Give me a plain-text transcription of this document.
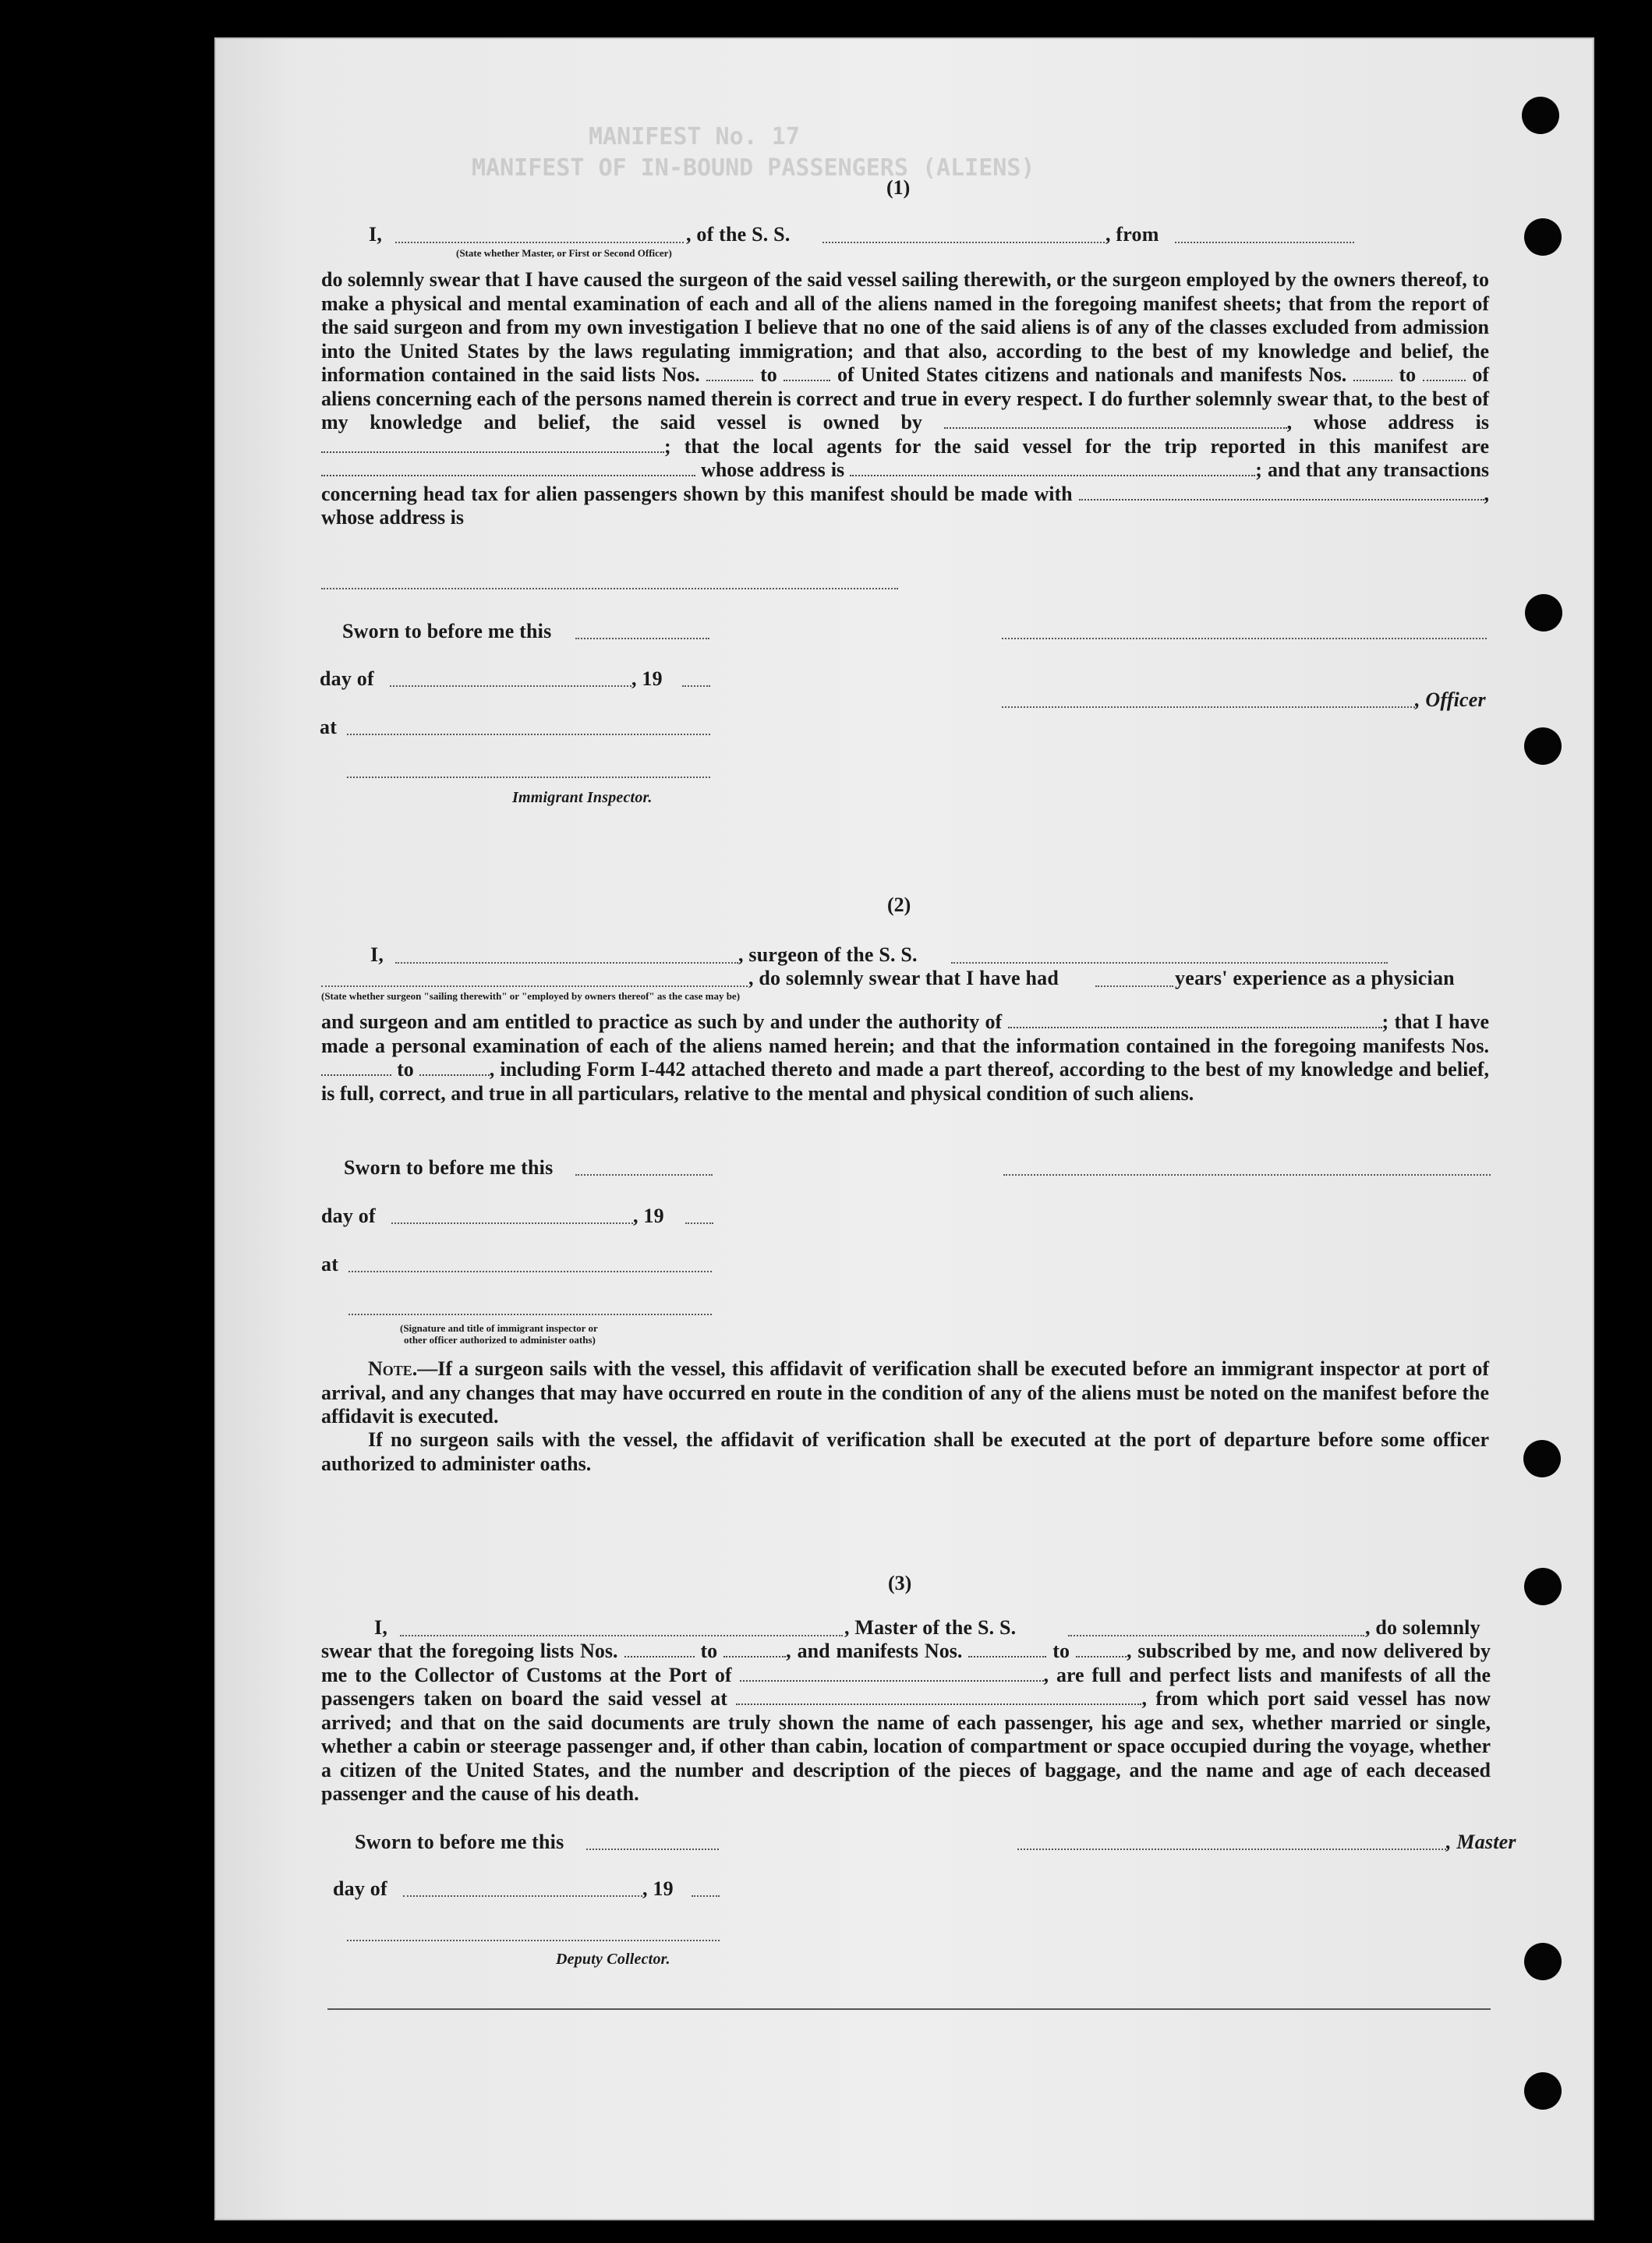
MANIFEST No. 17
MANIFEST OF IN-BOUND PASSENGERS (ALIENS)
(1)
I,
(State whether Master, or First or Second Officer)
, of the S. S.	, from

do solemnly swear that I have caused the surgeon of the said vessel sailing therewith, or the surgeon employed by the owners thereof, to make a physical and mental examination of each and all of the aliens named in the foregoing manifest sheets; that from the report of the said surgeon and from my own investigation I believe that no one of the said aliens is of any of the classes excluded from admission into the United States by the laws regulating immigration; and that also, according to the best of my knowledge and belief, the information contained in the said lists Nos.	to	of United States citizens and nationals and manifests Nos.	to	of aliens concerning each of the persons named therein is correct and true in every respect. I do further solemnly swear that, to the best of my knowledge and belief, the said vessel is owned by	, whose address is ; that the local agents for the said vessel for the trip reported in this manifest are  whose address is	; and that any transactions concerning head tax for alien passengers shown by this manifest should be made with	, whose address is

Sworn to before me this
day of	, 19
, Officer
at
Immigrant Inspector.
(2)
I,	, surgeon of the S. S.
, do solemnly swear that I have had	years' experience as a physician
(State whether surgeon "sailing therewith" or "employed by owners thereof" as the case may be)

and surgeon and am entitled to practice as such by and under the authority of	; that I have made a personal examination of each of the aliens named herein; and that the information contained in the foregoing manifests Nos.  to	, including Form I-442 attached thereto and made a part thereof, according to the best of my knowledge and belief, is full, correct, and true in all particulars, relative to the mental and physical condition of such aliens.

Sworn to before me this
day of	, 19
at
(Signature and title of immigrant inspector or
other officer authorized to administer oaths)

Note.—If a surgeon sails with the vessel, this affidavit of verification shall be executed before an immigrant inspector at port of arrival, and any changes that may have occurred en route in the condition of any of the aliens must be noted on the manifest before the affidavit is executed.

If no surgeon sails with the vessel, the affidavit of verification shall be executed at the port of departure before some officer authorized to administer oaths.

(3)
I,	, Master of the S. S.	, do solemnly

swear that the foregoing lists Nos.	to	, and manifests Nos.	to	, subscribed by me, and now delivered by me to the Collector of Customs at the Port of	, are full and perfect lists and manifests of all the passengers taken on board the said vessel at	, from which port said vessel has now arrived; and that on the said documents are truly shown the name of each passenger, his age and sex, whether married or single, whether a cabin or steerage passenger and, if other than cabin, location of compartment or space occupied during the voyage, whether a citizen of the United States, and the number and description of the pieces of baggage, and the name and age of each deceased passenger and the cause of his death.

Sworn to before me this	, Master
day of	, 19
Deputy Collector.
